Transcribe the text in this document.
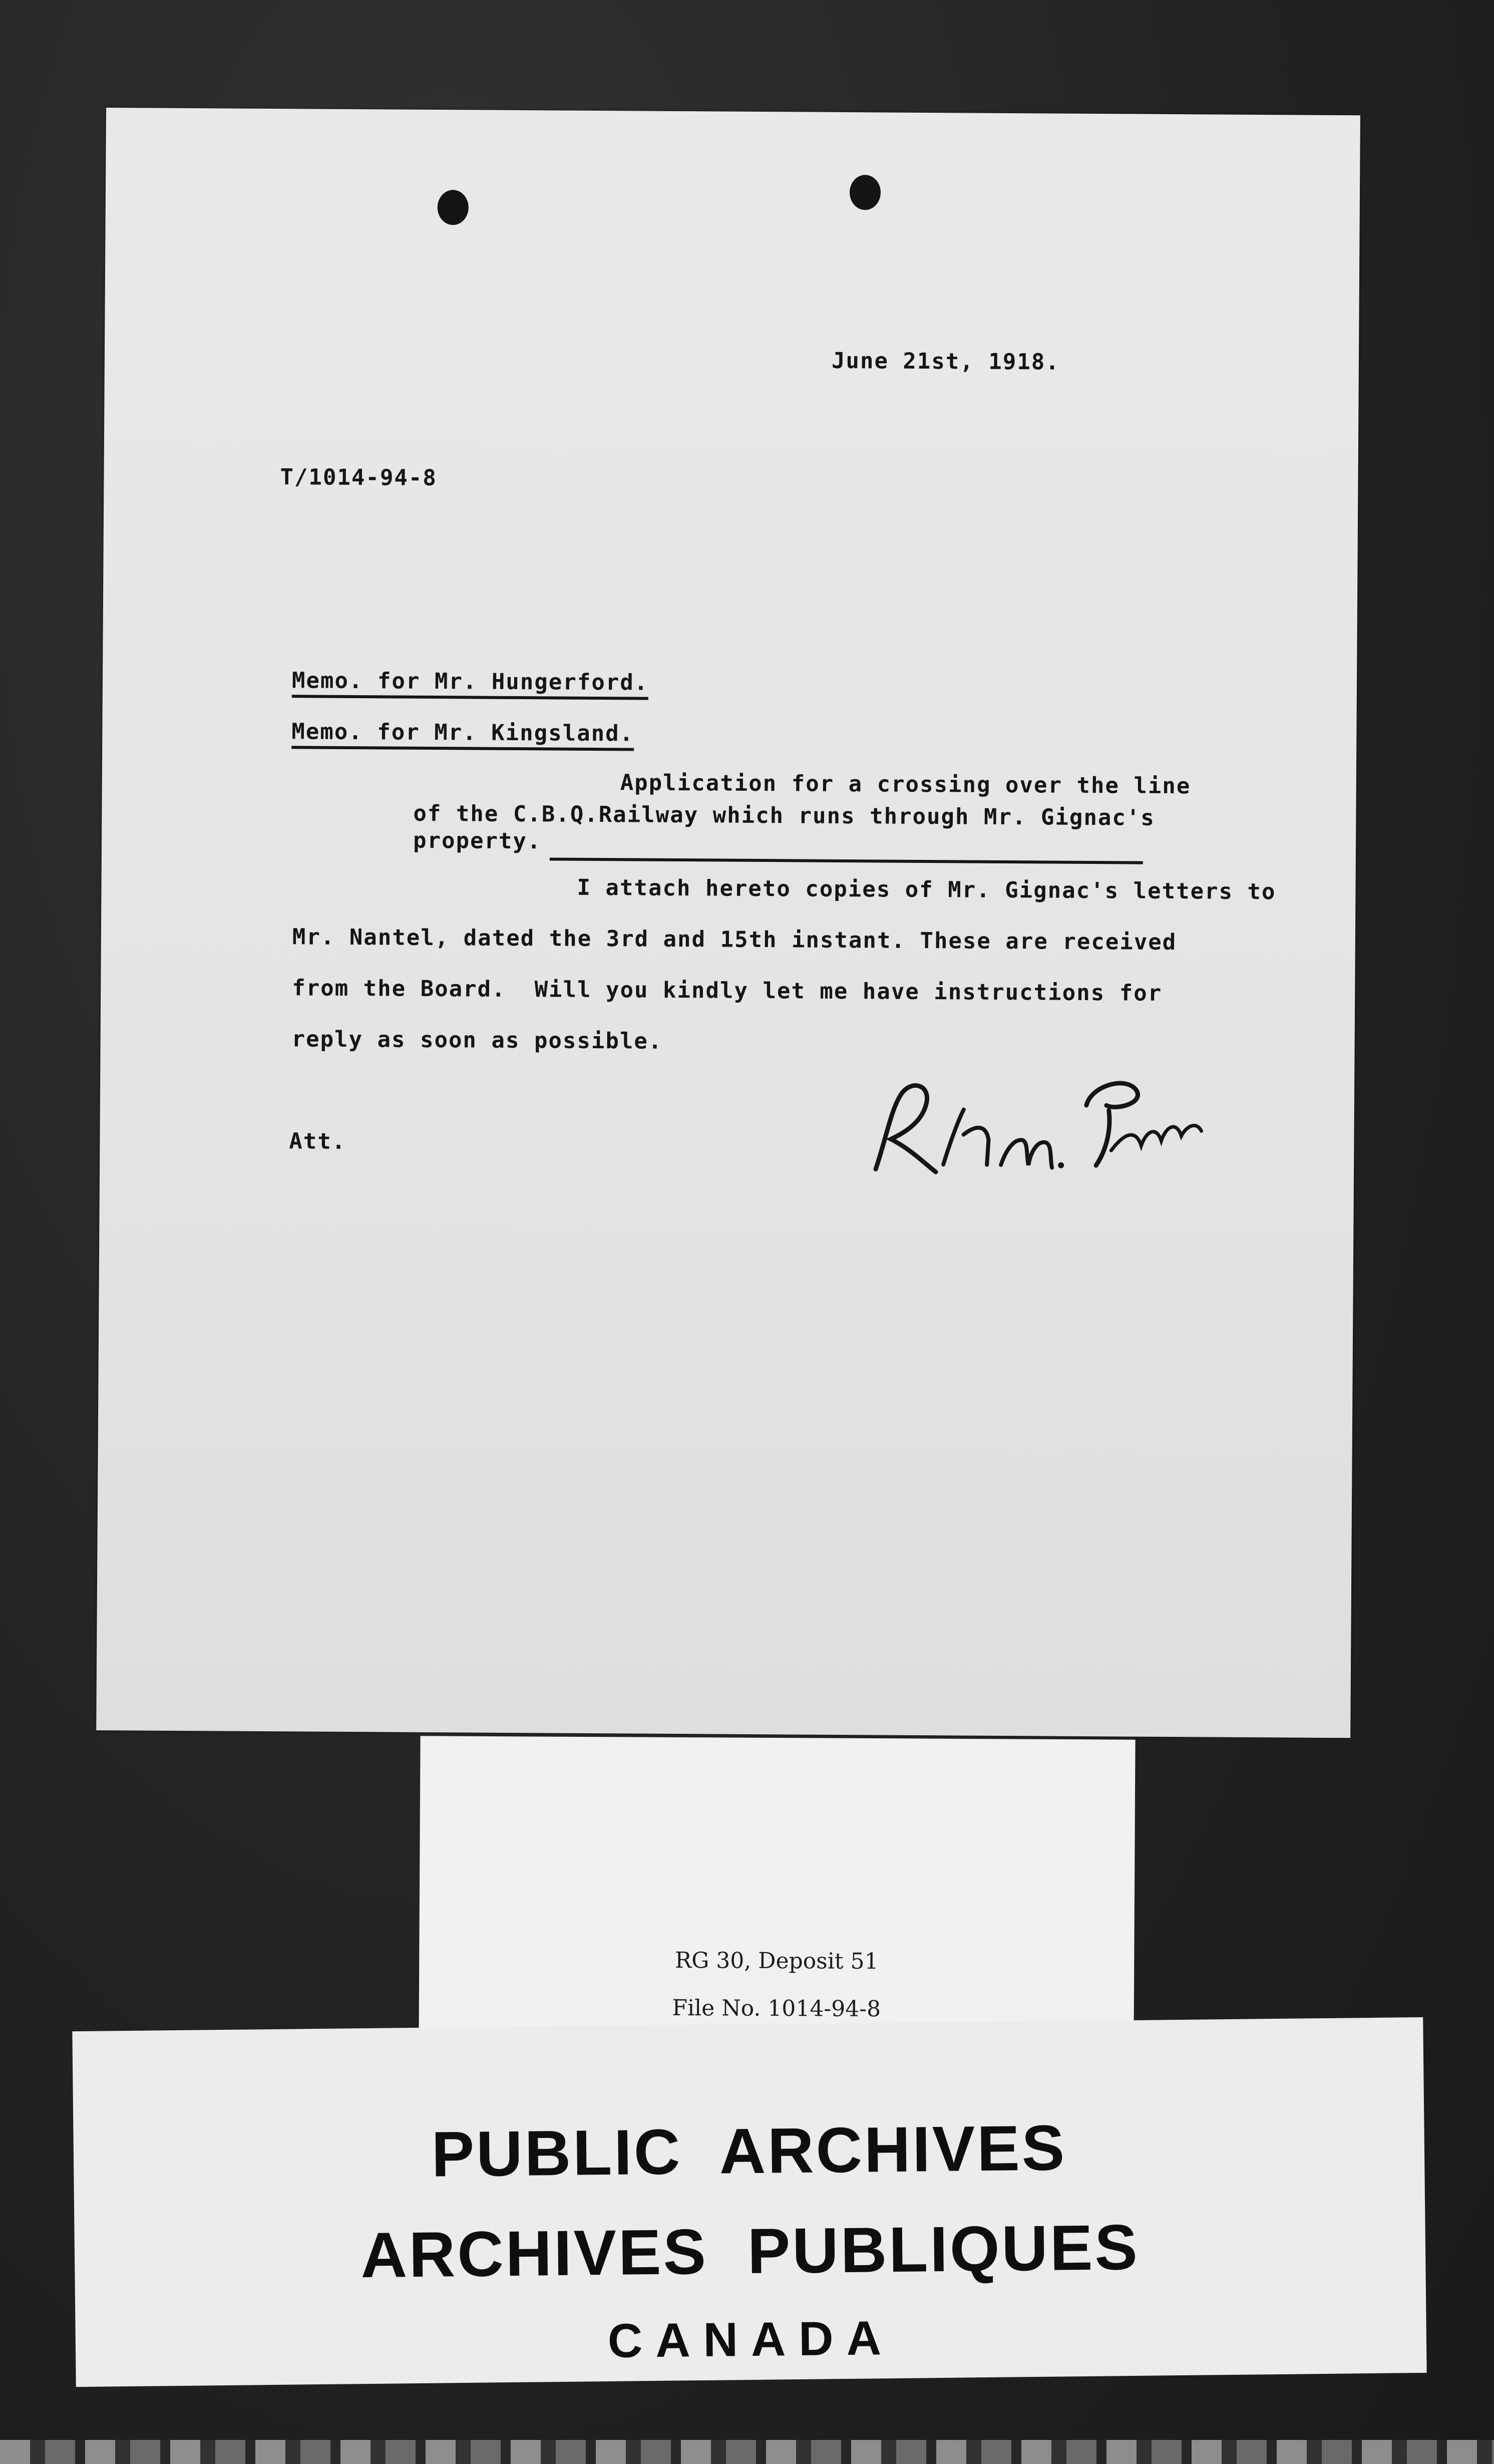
June 21st, 1918.
T/1014-94-8
Memo. for Mr. Hungerford.
Memo. for Mr. Kingsland.
Application for a crossing over the line
of the C.B.Q.Railway which runs through Mr. Gignac's
property.
I attach hereto copies of Mr. Gignac's letters to
Mr. Nantel, dated the 3rd and 15th instant. These are received
from the Board.  Will you kindly let me have instructions for
reply as soon as possible.
Att.
RG 30, Deposit 51
File No. 1014-94-8
PUBLIC  ARCHIVES
ARCHIVES  PUBLIQUES
CANADA
